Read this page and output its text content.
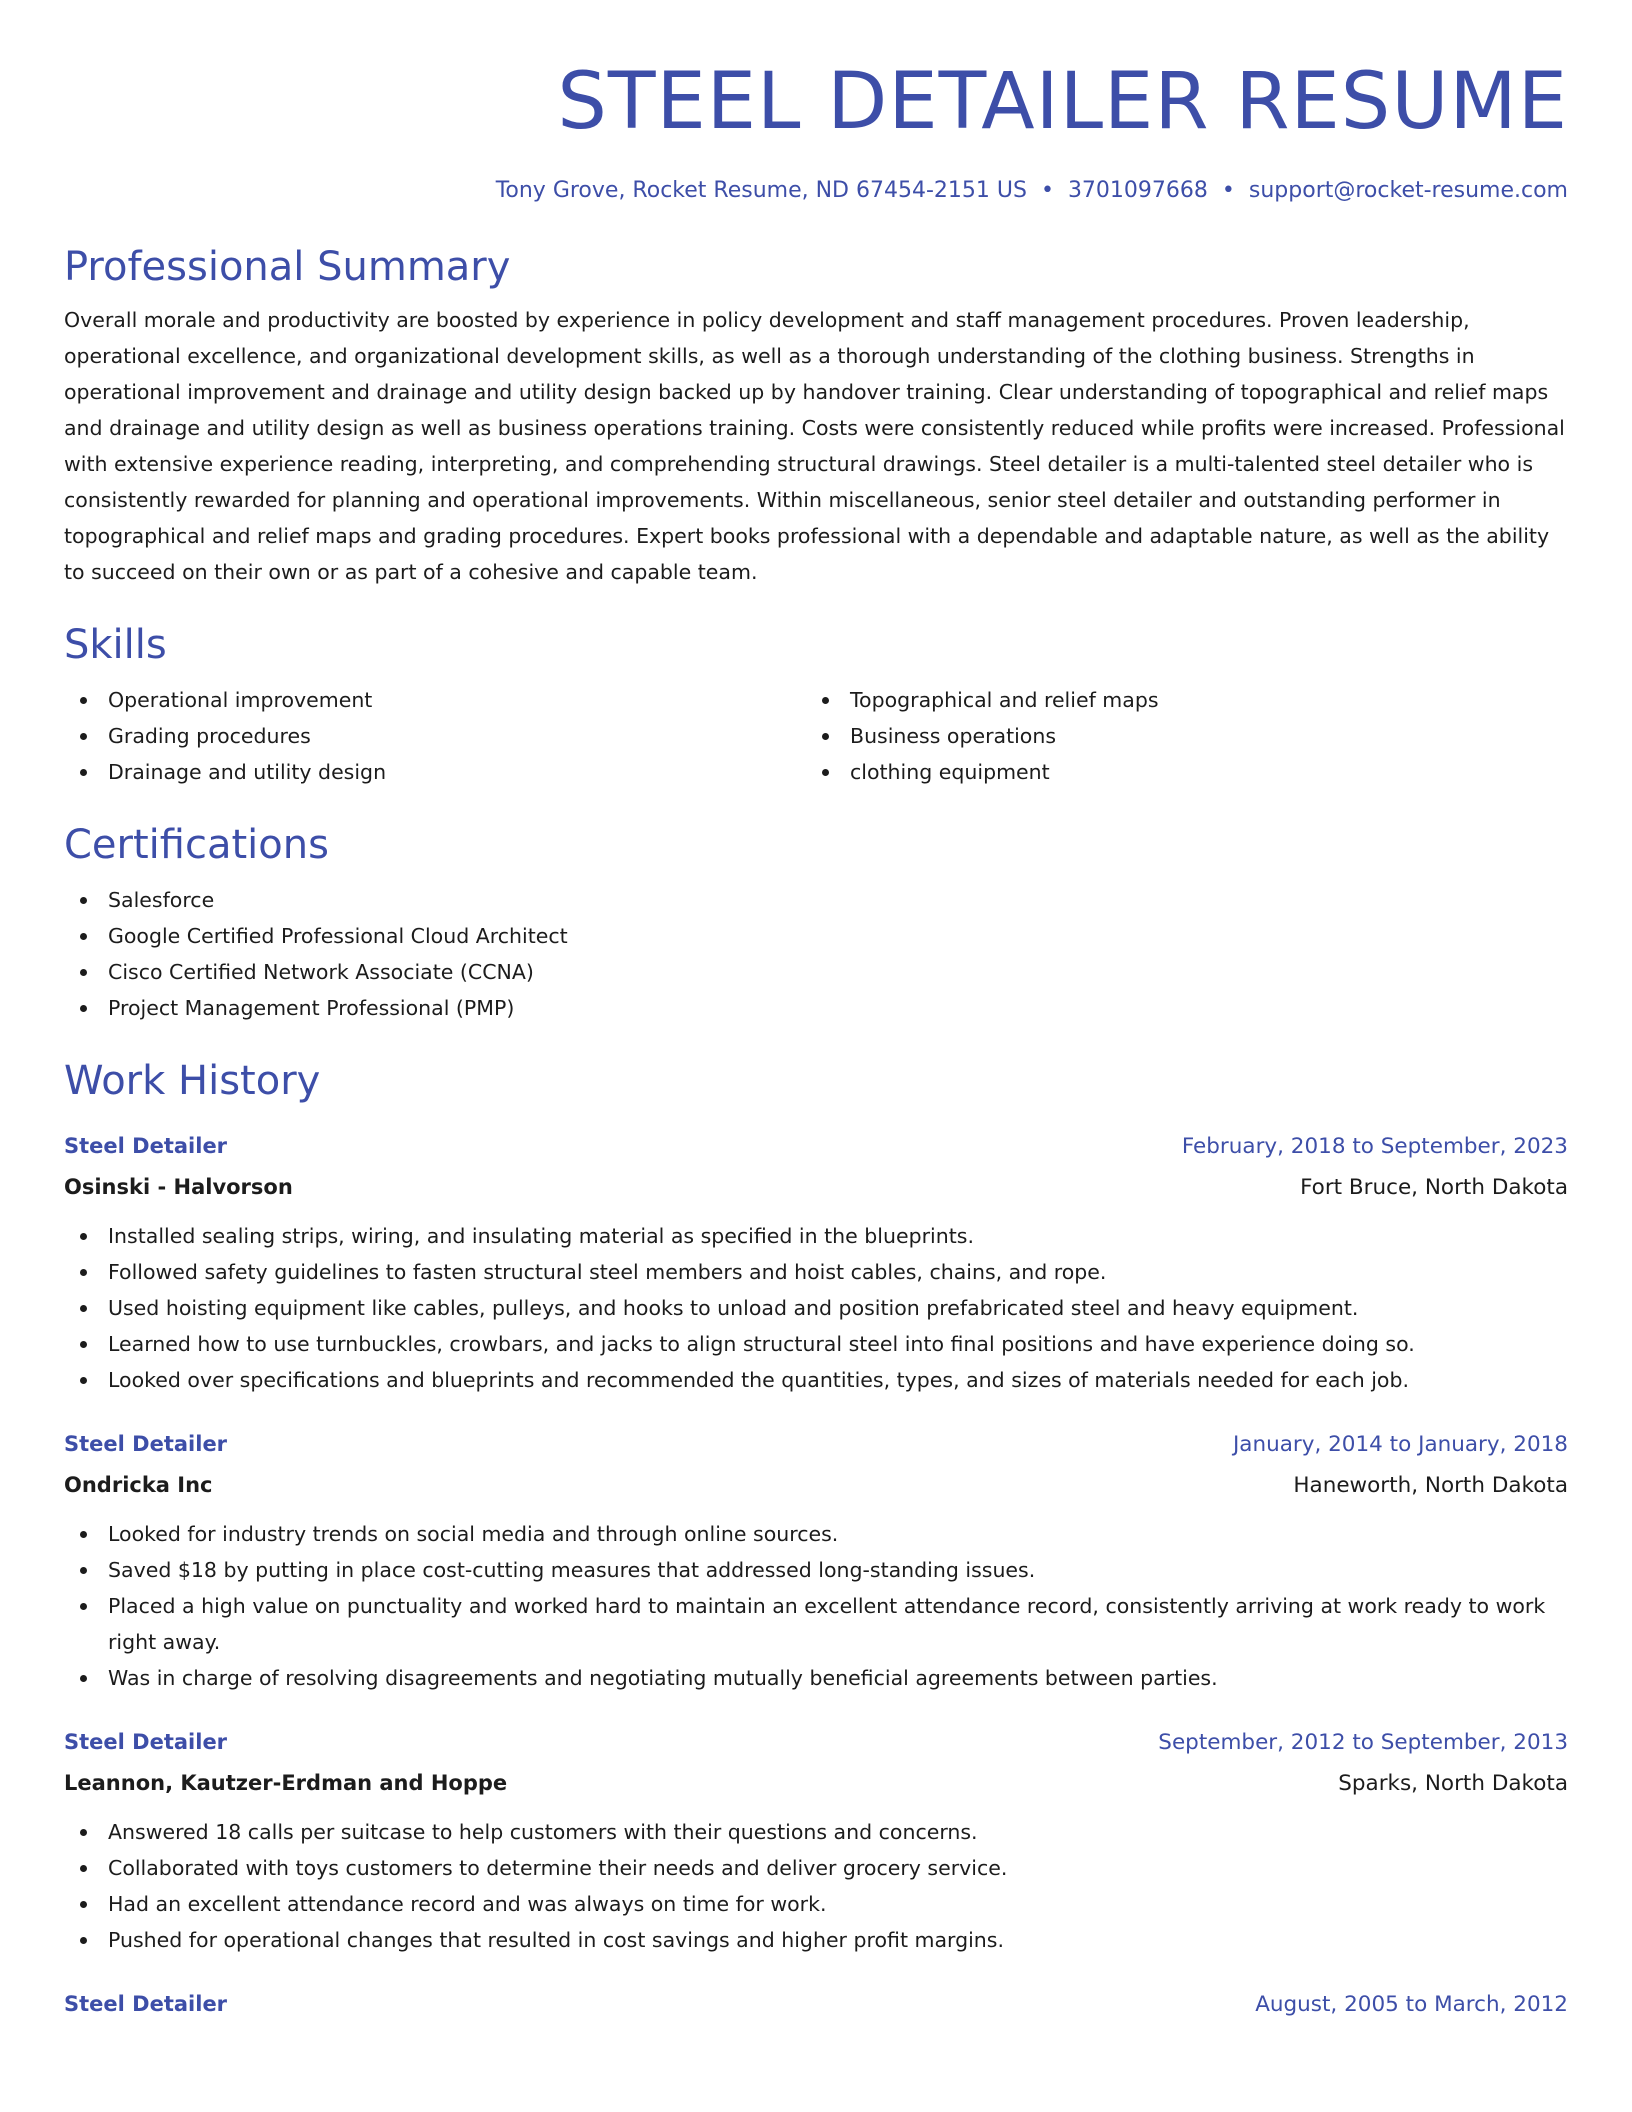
STEEL DETAILER RESUME
Tony Grove, Rocket Resume, ND 67454-2151 US • 3701097668 • support@rocket-resume.com
Professional Summary

Overall morale and productivity are boosted by experience in policy development and staff management procedures. Proven leadership, operational excellence, and organizational development skills, as well as a thorough understanding of the clothing business. Strengths in operational improvement and drainage and utility design backed up by handover training. Clear understanding of topographical and relief maps and drainage and utility design as well as business operations training. Costs were consistently reduced while profits were increased. Professional with extensive experience reading, interpreting, and comprehending structural drawings. Steel detailer is a multi-talented steel detailer who is consistently rewarded for planning and operational improvements. Within miscellaneous, senior steel detailer and outstanding performer in topographical and relief maps and grading procedures. Expert books professional with a dependable and adaptable nature, as well as the ability to succeed on their own or as part of a cohesive and capable team.

Skills
Operational improvement
Grading procedures
Drainage and utility design
Topographical and relief maps
Business operations
clothing equipment
Certifications
Salesforce
Google Certified Professional Cloud Architect
Cisco Certified Network Associate (CCNA)
Project Management Professional (PMP)
Work History
Steel Detailer	February, 2018 to September, 2023
Osinski - Halvorson	Fort Bruce, North Dakota
Installed sealing strips, wiring, and insulating material as specified in the blueprints.
Followed safety guidelines to fasten structural steel members and hoist cables, chains, and rope.
Used hoisting equipment like cables, pulleys, and hooks to unload and position prefabricated steel and heavy equipment.
Learned how to use turnbuckles, crowbars, and jacks to align structural steel into final positions and have experience doing so.
Looked over specifications and blueprints and recommended the quantities, types, and sizes of materials needed for each job.
Steel Detailer	January, 2014 to January, 2018
Ondricka Inc	Haneworth, North Dakota
Looked for industry trends on social media and through online sources.
Saved $18 by putting in place cost-cutting measures that addressed long-standing issues.
Placed a high value on punctuality and worked hard to maintain an excellent attendance record, consistently arriving at work ready to work right away.
Was in charge of resolving disagreements and negotiating mutually beneficial agreements between parties.
Steel Detailer	September, 2012 to September, 2013
Leannon, Kautzer-Erdman and Hoppe	Sparks, North Dakota
Answered 18 calls per suitcase to help customers with their questions and concerns.
Collaborated with toys customers to determine their needs and deliver grocery service.
Had an excellent attendance record and was always on time for work.
Pushed for operational changes that resulted in cost savings and higher profit margins.
Steel Detailer	August, 2005 to March, 2012
